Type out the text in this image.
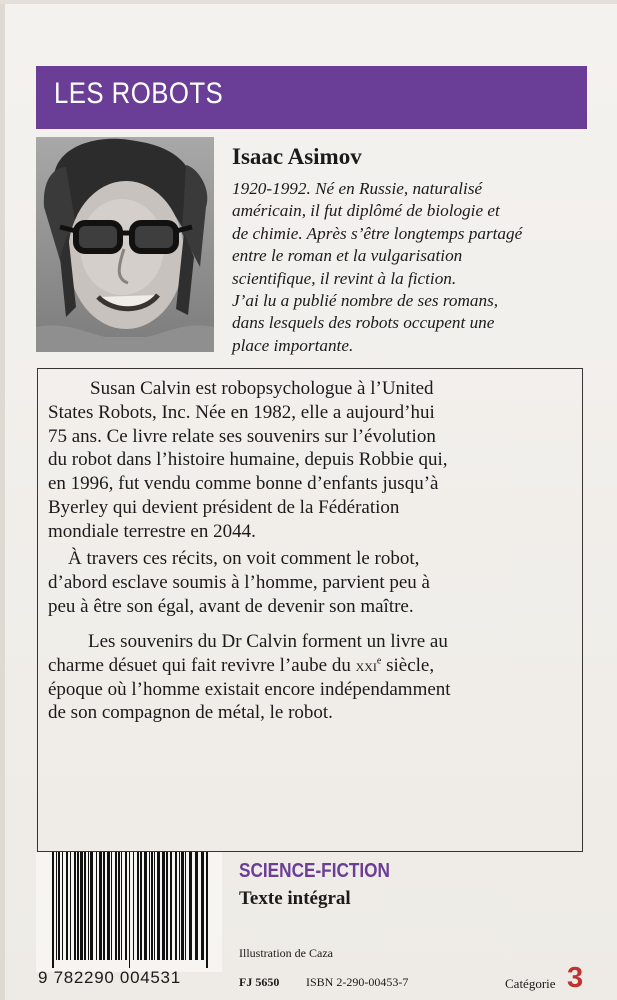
LES ROBOTS
Isaac Asimov
1920-1992. Né en Russie, naturalisé
américain, il fut diplômé de biologie et
de chimie. Après s’être longtemps partagé
entre le roman et la vulgarisation
scientifique, il revint à la fiction.
J’ai lu a publié nombre de ses romans,
dans lesquels des robots occupent une
place importante.
Susan Calvin est robopsychologue à l’United
States Robots, Inc. Née en 1982, elle a aujourd’hui
75 ans. Ce livre relate ses souvenirs sur l’évolution
du robot dans l’histoire humaine, depuis Robbie qui,
en 1996, fut vendu comme bonne d’enfants jusqu’à
Byerley qui devient président de la Fédération
mondiale terrestre en 2044.
À travers ces récits, on voit comment le robot,
d’abord esclave soumis à l’homme, parvient peu à
peu à être son égal, avant de devenir son maître.
Les souvenirs du Dr Calvin forment un livre au
charme désuet qui fait revivre l’aube du xxi$^e$ siècle,
époque où l’homme existait encore indépendamment
de son compagnon de métal, le robot.
9 782290 004531
SCIENCE-FICTION
Texte intégral
Illustration de Caza
FJ 5650 ISBN 2-290-00453-7	Catégorie 3
